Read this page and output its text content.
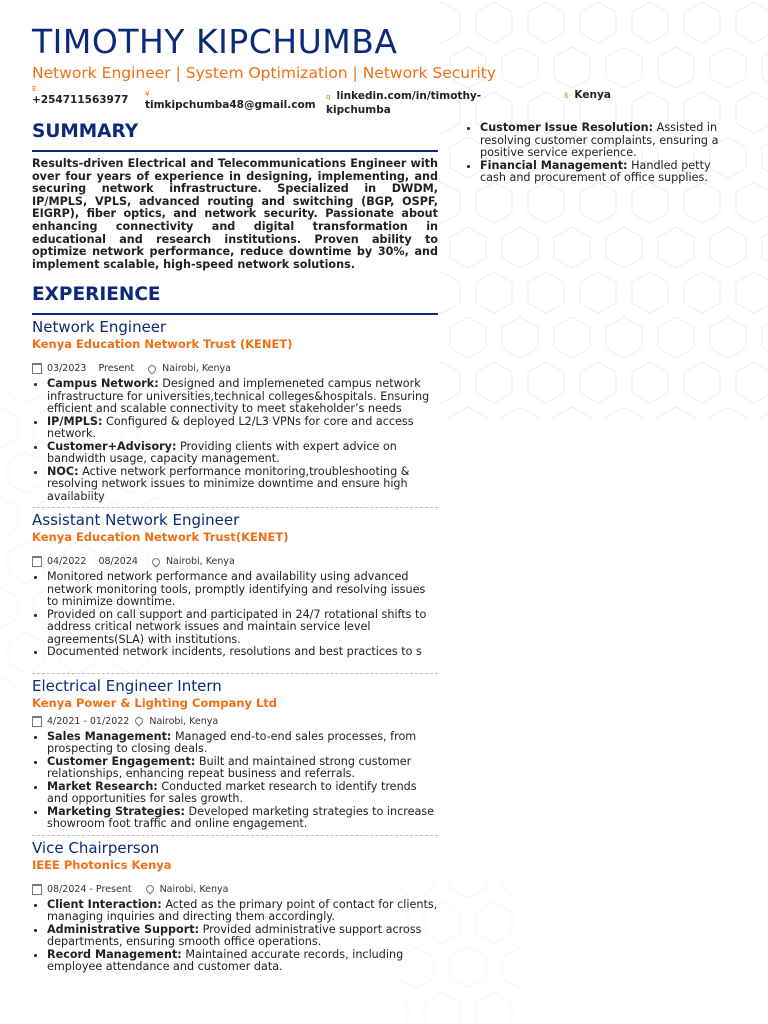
TIMOTHY KIPCHUMBA
Network Engineer | System Optimization | Network Security
E
+254711563977 ¥
timkipchumba48@gmail.com
q linkedin.com/in/timothy-
kipchumba
ß Kenya
SUMMARY
Results-driven Electrical and Telecommunications Engineer with over four years of experience in designing, implementing, and securing network infrastructure. Specialized in DWDM, IP/MPLS, VPLS, advanced routing and switching (BGP, OSPF, EIGRP), fiber optics, and network security. Passionate about enhancing connectivity and digital transformation in educational and research institutions. Proven ability to optimize network performance, reduce downtime by 30%, and implement scalable, high-speed network solutions.
EXPERIENCE
Network Engineer
Kenya Education Network Trust (KENET)
03/2023 Present	Nairobi, Kenya
• Campus Network: Designed and implemeneted campus network infrastructure for universities,technical colleges&hospitals. Ensuring efficient and scalable connectivity to meet stakeholder’s needs
• IP/MPLS: Configured & deployed L2/L3 VPNs for core and access network.
• Customer+Advisory: Providing clients with expert advice on bandwidth usage, capacity management.
• NOC: Active network performance monitoring,troubleshooting & resolving network issues to minimize downtime and ensure high availabiity
Assistant Network Engineer
Kenya Education Network Trust(KENET)
04/2022 08/2024	Nairobi, Kenya
• Monitored network performance and availability using advanced network monitoring tools, promptly identifying and resolving issues to minimize downtime.
• Provided on call support and participated in 24/7 rotational shifts to address critical network issues and maintain service level agreements(SLA) with institutions.
• Documented network incidents, resolutions and best practices to s
Electrical Engineer Intern
Kenya Power & Lighting Company Ltd
4/2021 - 01/2022 Nairobi, Kenya
• Sales Management: Managed end-to-end sales processes, from prospecting to closing deals.
• Customer Engagement: Built and maintained strong customer relationships, enhancing repeat business and referrals.
• Market Research: Conducted market research to identify trends and opportunities for sales growth.
• Marketing Strategies: Developed marketing strategies to increase showroom foot traffic and online engagement.
Vice Chairperson
IEEE Photonics Kenya
08/2024 - Present	Nairobi, Kenya
• Client Interaction: Acted as the primary point of contact for clients, managing inquiries and directing them accordingly.
• Administrative Support: Provided administrative support across departments, ensuring smooth office operations.
• Record Management: Maintained accurate records, including employee attendance and customer data.
• Customer Issue Resolution: Assisted in resolving customer complaints, ensuring a positive service experience.
• Financial Management: Handled petty cash and procurement of office supplies.
